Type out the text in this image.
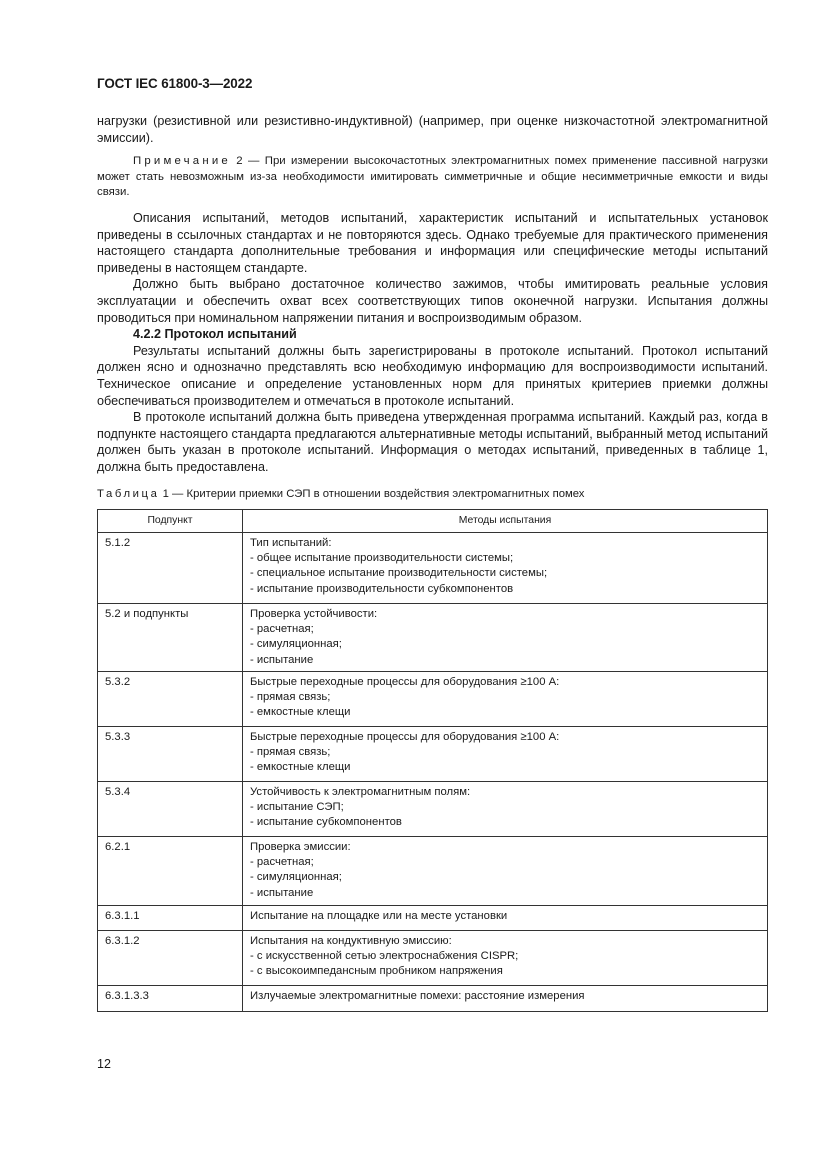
ГОСТ IEC 61800-3—2022

нагрузки (резистивной или резистивно-индуктивной) (например, при оценке низкочастотной электромагнитной эмиссии).

Примечание 2 — При измерении высокочастотных электромагнитных помех применение пассивной нагрузки может стать невозможным из-за необходимости имитировать симметричные и общие несимметричные емкости и виды связи.

Описания испытаний, методов испытаний, характеристик испытаний и испытательных установок приведены в ссылочных стандартах и не повторяются здесь. Однако требуемые для практического применения настоящего стандарта дополнительные требования и информация или специфические методы испытаний приведены в настоящем стандарте.

Должно быть выбрано достаточное количество зажимов, чтобы имитировать реальные условия эксплуатации и обеспечить охват всех соответствующих типов оконечной нагрузки. Испытания должны проводиться при номинальном напряжении питания и воспроизводимым образом.

4.2.2 Протокол испытаний

Результаты испытаний должны быть зарегистрированы в протоколе испытаний. Протокол испытаний должен ясно и однозначно представлять всю необходимую информацию для воспроизводимости испытаний. Техническое описание и определение установленных норм для принятых критериев приемки должны обеспечиваться производителем и отмечаться в протоколе испытаний.

В протоколе испытаний должна быть приведена утвержденная программа испытаний. Каждый раз, когда в подпункте настоящего стандарта предлагаются альтернативные методы испытаний, выбранный метод испытаний должен быть указан в протоколе испытаний. Информация о методах испытаний, приведенных в таблице 1, должна быть предоставлена.

Таблица 1 — Критерии приемки СЭП в отношении воздействия электромагнитных помех
Подпункт	Методы испытания
5.1.2	Тип испытаний:
- общее испытание производительности системы;
- специальное испытание производительности системы;
- испытание производительности субкомпонентов

5.2 и подпункты	Проверка устойчивости:
- расчетная;
- симуляционная;
- испытание

5.3.2	Быстрые переходные процессы для оборудования ≥100 А:
- прямая связь;
- емкостные клещи

5.3.3	Быстрые переходные процессы для оборудования ≥100 А:
- прямая связь;
- емкостные клещи

5.3.4	Устойчивость к электромагнитным полям:
- испытание СЭП;
- испытание субкомпонентов

6.2.1	Проверка эмиссии:
- расчетная;
- симуляционная;
- испытание

6.3.1.1	Испытание на площадке или на месте установки

6.3.1.2	Испытания на кондуктивную эмиссию:
- с искусственной сетью электроснабжения CISPR;
- с высокоимпедансным пробником напряжения

6.3.1.3.3	Излучаемые электромагнитные помехи: расстояние измерения
12
